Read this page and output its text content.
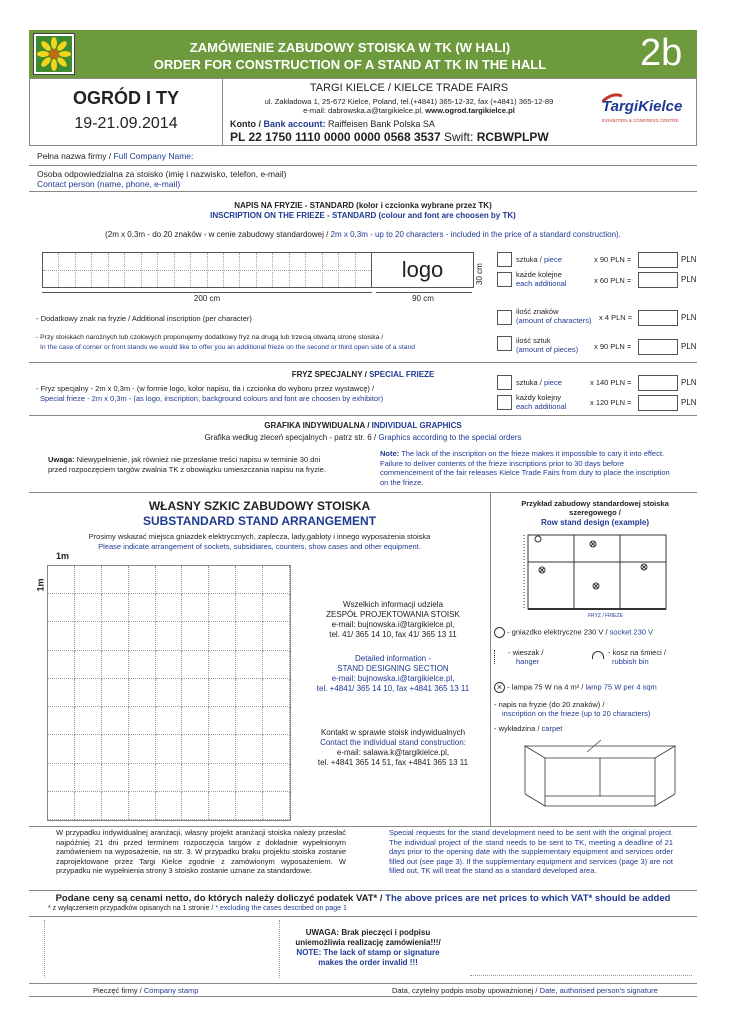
ZAMÓWIENIE ZABUDOWY STOISKA W TK (W HALI)
ORDER FOR CONSTRUCTION OF A STAND AT TK IN THE HALL	2b
OGRÓD I TY
19-21.09.2014
TARGI KIELCE / KIELCE TRADE FAIRS
ul. Zakładowa 1, 25-672 Kielce, Poland, tel.(+4841) 365-12-32, fax (+4841) 365-12-89
e-mail: dabrowska.a@targikielce.pl, www.ogrod.targikielce.pl
Konto / Bank account: Raiffeisen Bank Polska SA
PL 22 1750 1110 0000 0000 0568 3537 Swift: RCBWPLPW
TargiKielce
EXHIBITION & CONGRESS CENTRE
Pełna nazwa firmy / Full Company Name:
Osoba odpowiedzialna za stoisko (imię i nazwisko, telefon, e-mail)
Contact person (name, phone, e-mail)
NAPIS NA FRYZIE - STANDARD (kolor i czcionka wybrane przez TK)
INSCRIPTION ON THE FRIEZE - STANDARD (colour and font are choosen by TK)
(2m x 0,3m - do 20 znaków - w cenie zabudowy standardowej / 2m x 0,3m - up to 20 characters - included in the price of a standard construction).
logo	30 cm
200 cm	90 cm
sztuka / piece	x 90 PLN =	PLN
każde kolejne
each additional	x 60 PLN =	PLN
- Dodatkowy znak na fryzie / Additional inscription (per character)
ilość znaków
(amount of characters) x 4 PLN =	PLN
- Przy stoiskach narożnych lub czołowych proponujemy dodatkowy fryz na drugą lub trzecią otwartą stronę stoiska /
In the case of corner or front stands we would like to offer you an additional frieze on the second or third open side of a stand
ilość sztuk
(amount of pieces) x 90 PLN =	PLN
FRYZ SPECJALNY / SPECIAL FRIEZE
- Fryz specjalny - 2m x 0,3m - (w formie logo, kolor napisu, tła i czcionka do wyboru przez wystawcę) /
Special frieze - 2m x 0,3m - (as logo, inscription, background colours and font are choosen by exhibitor)
sztuka / piece	x 140 PLN =	PLN
każdy kolejny
each additional	x 120 PLN =	PLN
GRAFIKA INDYWIDUALNA / INDIVIDUAL GRAPHICS
Grafika według zleceń specjalnych - patrz str. 6 / Graphics according to the special orders
Uwaga: Niewypełnienie, jak również nie przesłanie treści napisu w terminie 30 dni przed rozpoczęciem targów zwalnia TK z obowiązku umieszczania napisu na fryzie.
Note: The lack of the inscription on the frieze makes it impossible to cary it into effect. Failure to deliver contents of the frieze inscriptions prior to 30 days before commencement of the fair releases Kielce Trade Fairs from duty to place the inscription on the frieze.
WŁASNY SZKIC ZABUDOWY STOISKA
SUBSTANDARD STAND ARRANGEMENT
Prosimy wskazać miejsca gniazdek elektrycznych, zaplecza, lady,gabloty i innego wyposażenia stoiska
Please indicate arrangement of sockets, subsidiares, counters, show cases and other equipment.
1m
1m
Wszelkich informacji udziela
ZESPÓŁ PROJEKTOWANIA STOISK
e-mail: bujnowska.i@targikielce.pl,
tel. 41/ 365 14 10, fax 41/ 365 13 11
Detailed information -
STAND DESIGNING SECTION
e-mail: bujnowska.i@targikielce.pl,
tel. +4841/ 365 14 10, fax +4841 365 13 11
Kontakt w sprawie stoisk indywidualnych
Contact the individual stand construction:
e-mail: salawa.k@targikielce.pl,
tel. +4841 365 14 51, fax +4841 365 13 11
Przykład zabudowy standardowej stoiska szeregowego /
Row stand design (example)
FRYZ / FRIEZE
- gniazdko elektryczne 230 V / socket 230 V
- wieszak /
hanger
- kosz na śmieci /
rubbish bin
× - lampa 75 W na 4 m² / lamp 75 W per 4 sqm
- napis na fryzie (do 20 znaków) /
inscription on the frieze (up to 20 characters)
- wykładzina / carpet
W przypadku indywidualnej aranżacji, własny projekt aranżacji stoiska należy przesłać najpóźniej 21 dni przed terminem rozpoczęcia targów z dokładnie wypełnionym zamówieniem na wyposażenie, na str. 3. W przypadku braku projektu stoiska zostanie zaprojektowane przez Targi Kielce zgodnie z zamówionym wyposażeniem. W przypadku nie wypełnienia strony 3 stoisko zostanie uznane za standardowe.
Special requests for the stand development need to be sent with the original project. The individual project of the stand needs to be sent to TK, meeting a deadline of 21 days prior to the opening date with the supplementary equipment and services order filled out (see page 3). If the supplementary equipment and services (page 3) are not filled out, TK will treat the stand as a standard developed area.
Podane ceny są cenami netto, do których należy doliczyć podatek VAT* / The above prices are net prices to which VAT* should be added
* z wyłączeniem przypadków opisanych na 1 stronie / * excluding the cases described on page 1
UWAGA: Brak pieczęci i podpisu
uniemożliwia realizację zamówienia!!!/
NOTE: The lack of stamp or signature
makes the order invalid !!!
Pieczęć firmy / Company stamp	Data, czytelny podpis osoby upoważnionej / Date, authorised person's signature
